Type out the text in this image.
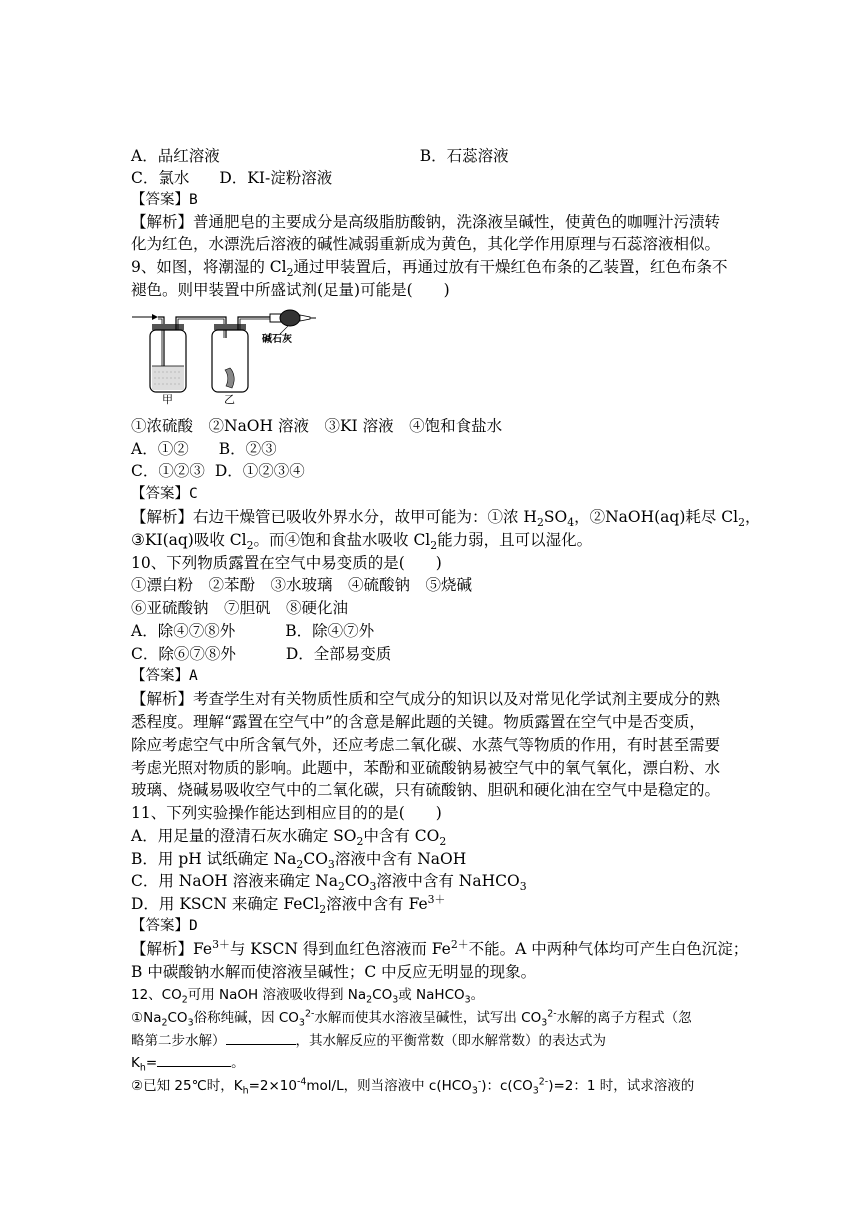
A．品红溶液	B．石蕊溶液
C．氯水 D．KI-淀粉溶液
【答案】B
【解析】普通肥皂的主要成分是高级脂肪酸钠，洗涤液呈碱性，使黄色的咖喱汁污渍转
化为红色，水漂洗后溶液的碱性减弱重新成为黄色，其化学作用原理与石蕊溶液相似。
9、如图，将潮湿的 $Cl_2$通过甲装置后，再通过放有干燥红色布条的乙装置，红色布条不
褪色。则甲装置中所盛试剂(足量)可能是(　　)
碱石灰
甲	乙
①浓硫酸　②NaOH 溶液　③KI 溶液　④饱和食盐水
A．①② B．②③
C．①②③ D．①②③④
【答案】C
【解析】右边干燥管已吸收外界水分，故甲可能为：①浓 $H_2SO_4$，②NaOH(aq)耗尽 $Cl_2$，
③KI(aq)吸收 $Cl_2$。而④饱和食盐水吸收 $Cl_2$能力弱，且可以湿化。
10、下列物质露置在空气中易变质的是(　　)
①漂白粉　②苯酚　③水玻璃　④硫酸钠　⑤烧碱
⑥亚硫酸钠　⑦胆矾　⑧硬化油
A．除④⑦⑧外	B．除④⑦外
C．除⑥⑦⑧外	D．全部易变质
【答案】A
【解析】考查学生对有关物质性质和空气成分的知识以及对常见化学试剂主要成分的熟
悉程度。理解“露置在空气中”的含意是解此题的关键。物质露置在空气中是否变质，
除应考虑空气中所含氧气外，还应考虑二氧化碳、水蒸气等物质的作用，有时甚至需要
考虑光照对物质的影响。此题中，苯酚和亚硫酸钠易被空气中的氧气氧化，漂白粉、水
玻璃、烧碱易吸收空气中的二氧化碳，只有硫酸钠、胆矾和硬化油在空气中是稳定的。
11、下列实验操作能达到相应目的的是(　　)
A．用足量的澄清石灰水确定 $SO_2$中含有 $CO_2$
B．用 pH 试纸确定 $Na_2CO_3$溶液中含有 NaOH
C．用 NaOH 溶液来确定 $Na_2CO_3$溶液中含有 NaHCO$_3$
D．用 KSCN 来确定 FeCl$_2$溶液中含有 $Fe^{3+}$
【答案】D
【解析】$Fe^{3+}$与 KSCN 得到血红色溶液而 $Fe^{2+}$不能。A 中两种气体均可产生白色沉淀；
B 中碳酸钠水解而使溶液呈碱性；C 中反应无明显的现象。
12、$CO_2$可用 NaOH 溶液吸收得到 $Na_2CO_3$或 NaHCO$_3$。
$①Na_2CO_3$俗称纯碱，因 $CO_3^{2-}$水解而使其水溶液呈碱性，试写出 $CO_3^{2-}$水解的离子方程式（忽
略第二步水解）	，其水解反应的平衡常数（即水解常数）的表达式为
$K_h=$	。
②已知 25℃时，$K_h=2\times 10^{-4}mol/L$，则当溶液中 $c(HCO_3^-)$：$c(CO_3^{2-})=2$：1 时，试求溶液的
